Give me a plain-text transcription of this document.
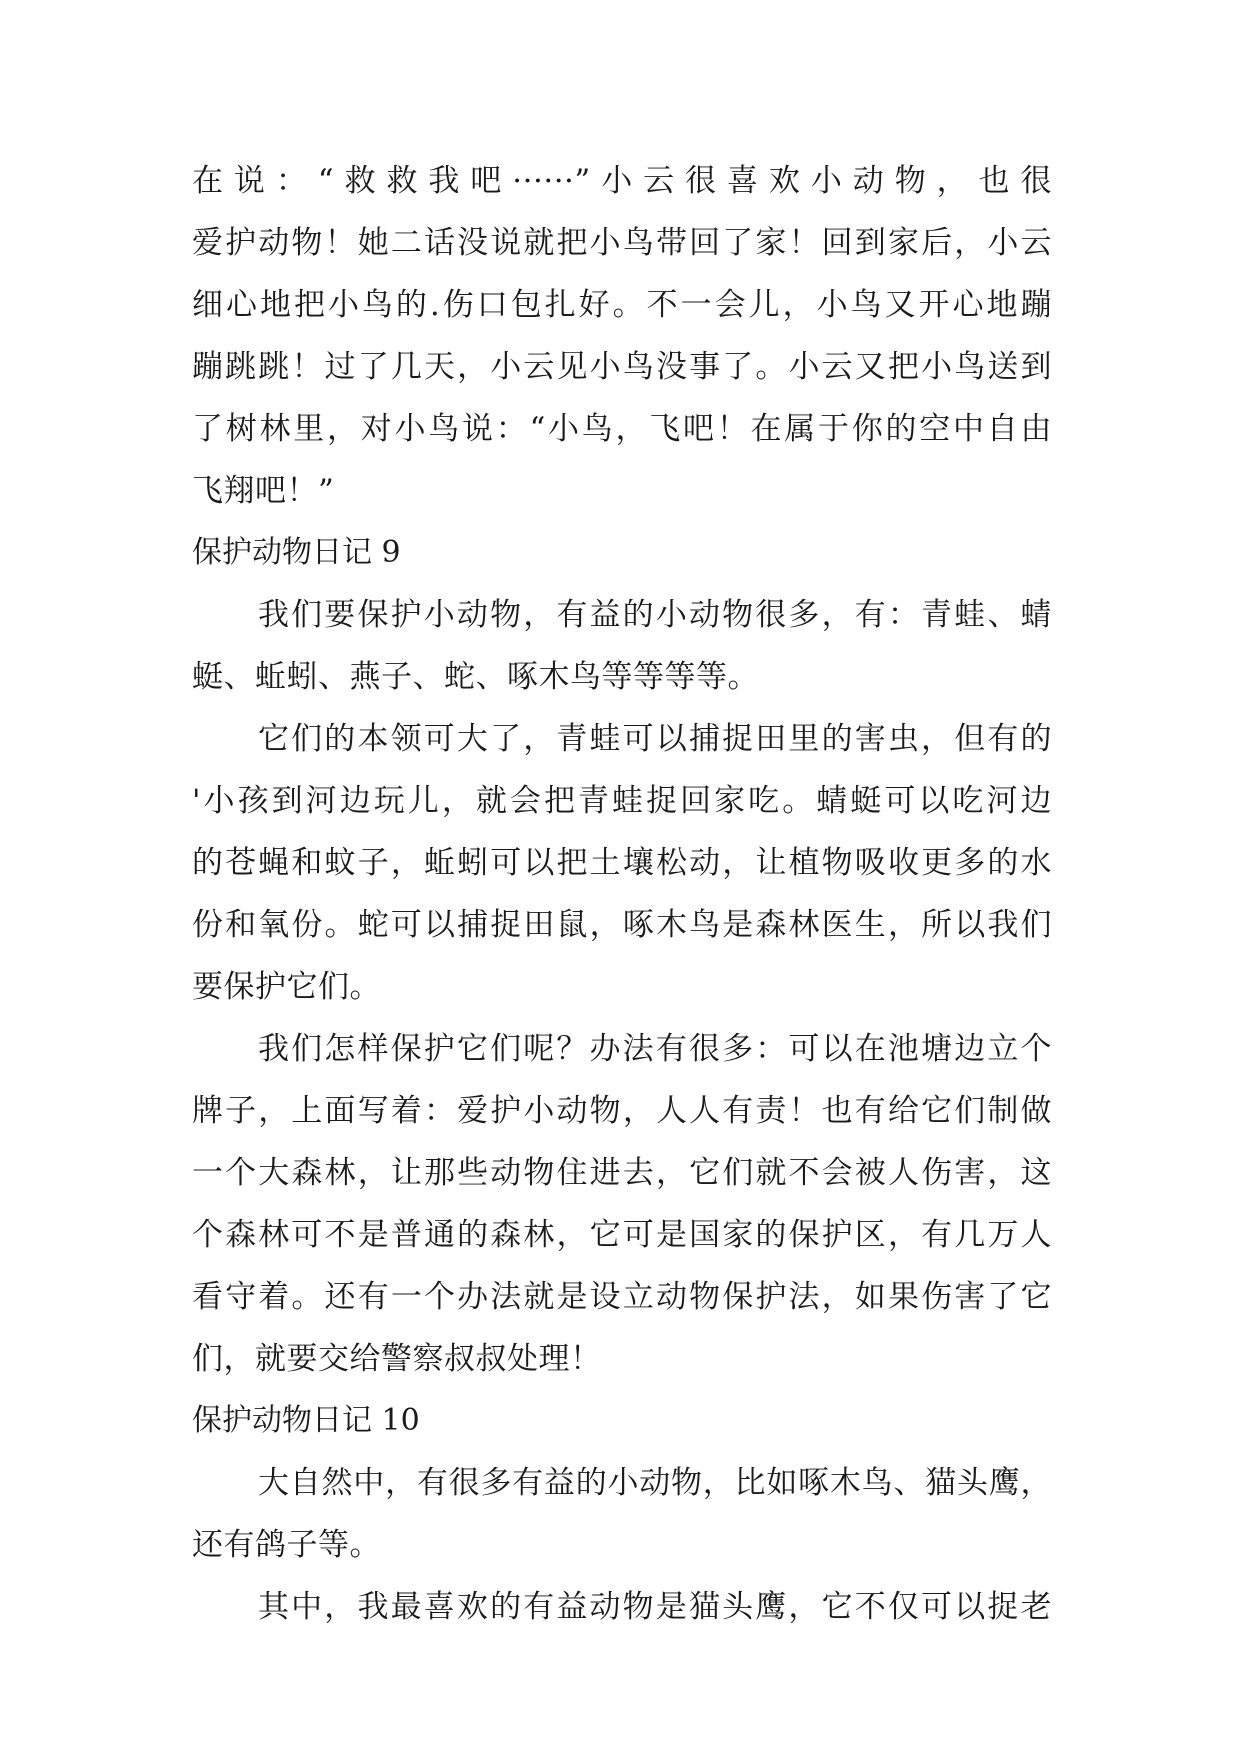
在说：“救救我吧······”小云很喜欢小动物，也很
爱护动物！她二话没说就把小鸟带回了家！回到家后，小云
细心地把小鸟的.伤口包扎好。不一会儿，小鸟又开心地蹦
蹦跳跳！过了几天，小云见小鸟没事了。小云又把小鸟送到
了树林里，对小鸟说：“小鸟，飞吧！在属于你的空中自由
飞翔吧！”
保护动物日记 9
我们要保护小动物，有益的小动物很多，有：青蛙、蜻
蜓、蚯蚓、燕子、蛇、啄木鸟等等等等。
它们的本领可大了，青蛙可以捕捉田里的害虫，但有的
'小孩到河边玩儿，就会把青蛙捉回家吃。蜻蜓可以吃河边
的苍蝇和蚊子，蚯蚓可以把土壤松动，让植物吸收更多的水
份和氧份。蛇可以捕捉田鼠，啄木鸟是森林医生，所以我们
要保护它们。
我们怎样保护它们呢？办法有很多：可以在池塘边立个
牌子，上面写着：爱护小动物，人人有责！也有给它们制做
一个大森林，让那些动物住进去，它们就不会被人伤害，这
个森林可不是普通的森林，它可是国家的保护区，有几万人
看守着。还有一个办法就是设立动物保护法，如果伤害了它
们，就要交给警察叔叔处理！
保护动物日记 10
大自然中，有很多有益的小动物，比如啄木鸟、猫头鹰，
还有鸽子等。
其中，我最喜欢的有益动物是猫头鹰，它不仅可以捉老
